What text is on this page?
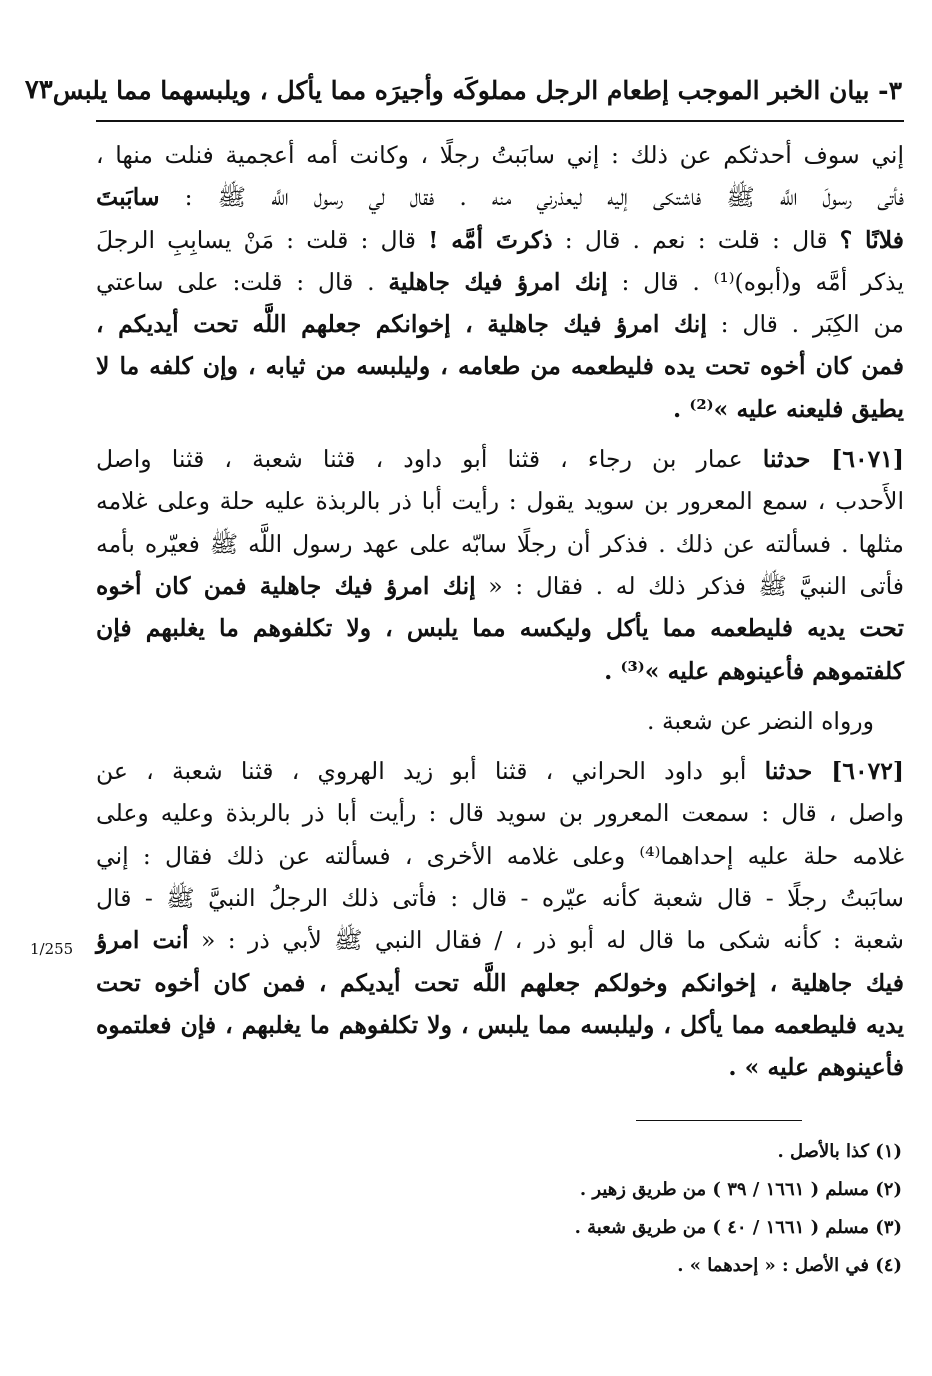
٣- بيان الخبر الموجب إطعام الرجل مملوكَه وأجيرَه مما يأكل ، ويلبسهما مما يلبس
٧٣
إني سوف أحدثكم عن ذلك : إني سابَبتُ رجلًا ، وكانت أمه أعجمية فنلت منها ،
فأتى رسولَ اللَّه ﷺ فاشتكى إليه ليعذرني منه . فقال لي رسول اللَّه ﷺ : سابَبتَ
فلانًا ؟ قال : قلت : نعم . قال : ذكرتَ أمَّه ! قال : قلت : مَنْ يسابِبِ الرجلَ
يذكر أمَّه و(أبوه)⁽¹⁾ . قال : إنك امرؤ فيك جاهلية . قال : قلت: على ساعتي
من الكِبَر . قال : إنك امرؤ فيك جاهلية ، إخوانكم جعلهم اللَّه تحت أيديكم ،
فمن كان أخوه تحت يده فليطعمه من طعامه ، وليلبسه من ثيابه ، وإن كلفه ما لا
يطيق فليعنه عليه »⁽²⁾ .
[٦٠٧١] حدثنا عمار بن رجاء ، قثنا أبو داود ، قثنا شعبة ، قثنا واصل
الأَحدب ، سمع المعرور بن سويد يقول : رأيت أبا ذر بالربذة عليه حلة وعلى غلامه
مثلها . فسألته عن ذلك . فذكر أن رجلًا سابّه على عهد رسول اللَّه ﷺ فعيّره بأمه
فأتى النبيَّ ﷺ فذكر ذلك له . فقال : « إنك امرؤ فيك جاهلية فمن كان أخوه
تحت يديه فليطعمه مما يأكل وليكسه مما يلبس ، ولا تكلفوهم ما يغلبهم فإن
كلفتموهم فأعينوهم عليه »⁽³⁾ .
ورواه النضر عن شعبة .
[٦٠٧٢] حدثنا أبو داود الحراني ، قثنا أبو زيد الهروي ، قثنا شعبة ، عن
واصل ، قال : سمعت المعرور بن سويد قال : رأيت أبا ذر بالربذة وعليه وعلى
غلامه حلة عليه إحداهما⁽⁴⁾ وعلى غلامه الأخرى ، فسألته عن ذلك فقال : إني
سابَبتُ رجلًا - قال شعبة كأنه عيّره - قال : فأتى ذلك الرجلُ النبيَّ ﷺ - قال
شعبة : كأنه شكى ما قال له أبو ذر ، / فقال النبي ﷺ لأبي ذر : « أنت امرؤ
فيك جاهلية ، إخوانكم وخولكم جعلهم اللَّه تحت أيديكم ، فمن كان أخوه تحت
يديه فليطعمه مما يأكل ، وليلبسه مما يلبس ، ولا تكلفوهم ما يغلبهم ، فإن فعلتموه
فأعينوهم عليه » .
1/255
(١) كذا بالأصل .
(٢) مسلم ( ١٦٦١ / ٣٩ ) من طريق زهير .
(٣) مسلم ( ١٦٦١ / ٤٠ ) من طريق شعبة .
(٤) في الأصل : « إحدهما » .
